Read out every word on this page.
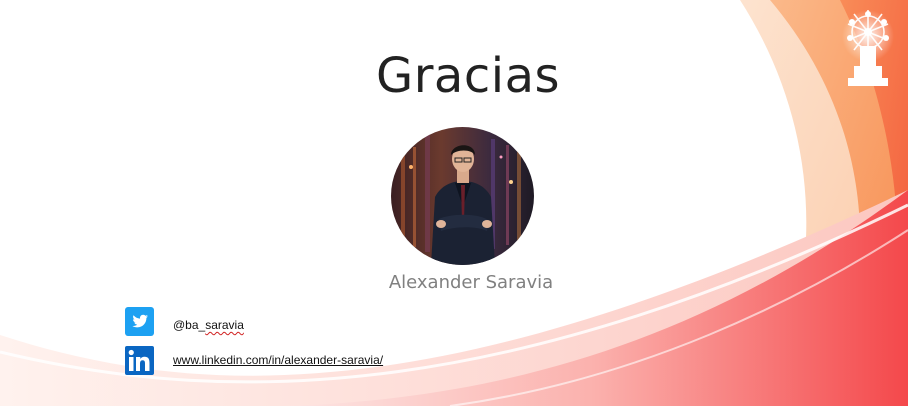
Gracias
Alexander Saravia
@ba_saravia
www.linkedin.com/in/alexander-saravia/
